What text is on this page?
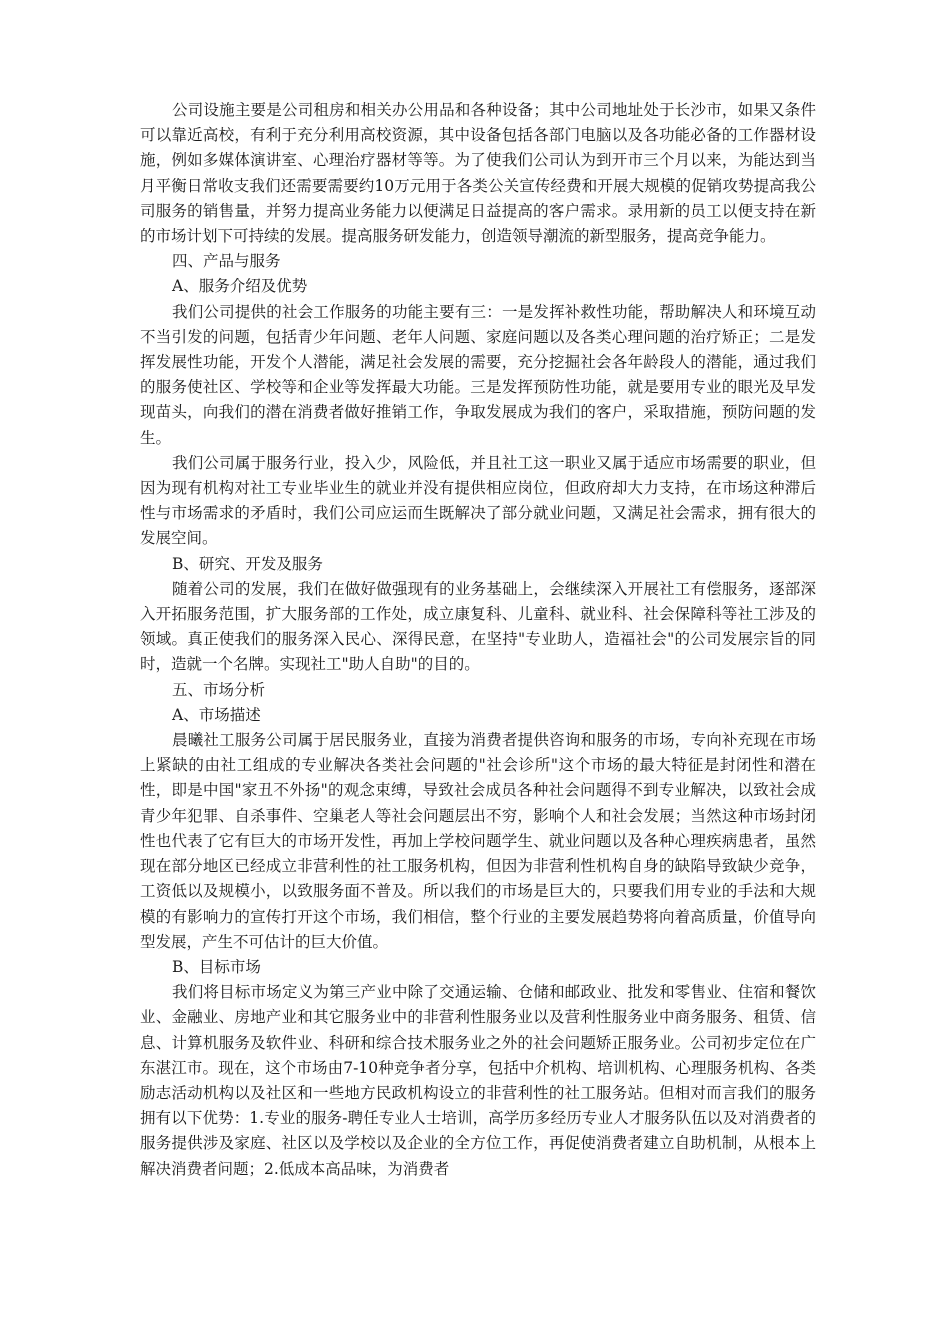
公司设施主要是公司租房和相关办公用品和各种设备；其中公司地址处于长沙市，如果又条件可以靠近高校，有利于充分利用高校资源，其中设备包括各部门电脑以及各功能必备的工作器材设施，例如多媒体演讲室、心理治疗器材等等。为了使我们公司认为到开市三个月以来，为能达到当月平衡日常收支我们还需要需要约10万元用于各类公关宣传经费和开展大规模的促销攻势提高我公司服务的销售量，并努力提高业务能力以便满足日益提高的客户需求。录用新的员工以便支持在新的市场计划下可持续的发展。提高服务研发能力，创造领导潮流的新型服务，提高竞争能力。

四、产品与服务

A、服务介绍及优势

我们公司提供的社会工作服务的功能主要有三：一是发挥补救性功能，帮助解决人和环境互动不当引发的问题，包括青少年问题、老年人问题、家庭问题以及各类心理问题的治疗矫正；二是发挥发展性功能，开发个人潜能，满足社会发展的需要，充分挖掘社会各年龄段人的潜能，通过我们的服务使社区、学校等和企业等发挥最大功能。三是发挥预防性功能，就是要用专业的眼光及早发现苗头，向我们的潜在消费者做好推销工作，争取发展成为我们的客户，采取措施，预防问题的发生。

我们公司属于服务行业，投入少，风险低，并且社工这一职业又属于适应市场需要的职业，但因为现有机构对社工专业毕业生的就业并没有提供相应岗位，但政府却大力支持，在市场这种滞后性与市场需求的矛盾时，我们公司应运而生既解决了部分就业问题，又满足社会需求，拥有很大的发展空间。

B、研究、开发及服务

随着公司的发展，我们在做好做强现有的业务基础上，会继续深入开展社工有偿服务，逐部深入开拓服务范围，扩大服务部的工作处，成立康复科、儿童科、就业科、社会保障科等社工涉及的领域。真正使我们的服务深入民心、深得民意，在坚持"专业助人，造福社会"的公司发展宗旨的同时，造就一个名牌。实现社工"助人自助"的目的。

五、市场分析

A、市场描述

晨曦社工服务公司属于居民服务业，直接为消费者提供咨询和服务的市场，专向补充现在市场上紧缺的由社工组成的专业解决各类社会问题的"社会诊所"这个市场的最大特征是封闭性和潜在性，即是中国"家丑不外扬"的观念束缚，导致社会成员各种社会问题得不到专业解决，以致社会成青少年犯罪、自杀事件、空巢老人等社会问题层出不穷，影响个人和社会发展；当然这种市场封闭性也代表了它有巨大的市场开发性，再加上学校问题学生、就业问题以及各种心理疾病患者，虽然现在部分地区已经成立非营利性的社工服务机构，但因为非营利性机构自身的缺陷导致缺少竞争，工资低以及规模小，以致服务面不普及。所以我们的市场是巨大的，只要我们用专业的手法和大规模的有影响力的宣传打开这个市场，我们相信，整个行业的主要发展趋势将向着高质量，价值导向型发展，产生不可估计的巨大价值。

B、目标市场

我们将目标市场定义为第三产业中除了交通运输、仓储和邮政业、批发和零售业、住宿和餐饮业、金融业、房地产业和其它服务业中的非营利性服务业以及营利性服务业中商务服务、租赁、信息、计算机服务及软件业、科研和综合技术服务业之外的社会问题矫正服务业。公司初步定位在广东湛江市。现在，这个市场由7-10种竞争者分享，包括中介机构、培训机构、心理服务机构、各类励志活动机构以及社区和一些地方民政机构设立的非营利性的社工服务站。但相对而言我们的服务拥有以下优势：1.专业的服务-聘任专业人士培训，高学历多经历专业人才服务队伍以及对消费者的服务提供涉及家庭、社区以及学校以及企业的全方位工作，再促使消费者建立自助机制，从根本上解决消费者问题；2.低成本高品味，为消费者
